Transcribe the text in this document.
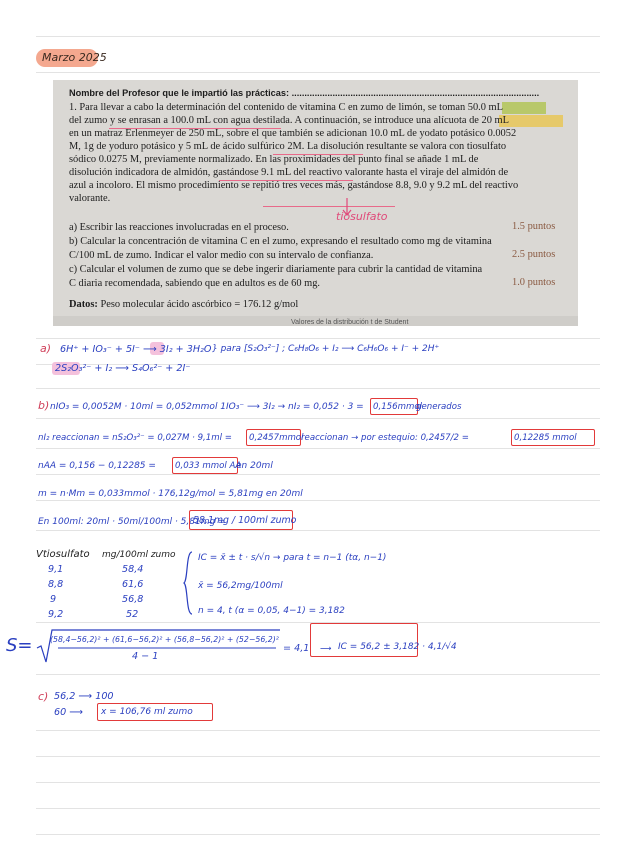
Marzo 2025
Nombre del Profesor que le impartió las prácticas: .................................................................................................
1. Para llevar a cabo la determinación del contenido de vitamina C en zumo de limón, se toman 50.0 mL
del zumo y se enrasan a 100.0 mL con agua destilada. A continuación, se introduce una alícuota de 20 mL
en un matraz Erlenmeyer de 250 mL, sobre el que también se adicionan 10.0 mL de yodato potásico 0.0052
M, 1g de yoduro potásico y 5 mL de ácido sulfúrico 2M. La disolución resultante se valora con tiosulfato
sódico 0.0275 M, previamente normalizado. En las proximidades del punto final se añade 1 mL de
disolución indicadora de almidón, gastándose 9.1 mL del reactivo valorante hasta el viraje del almidón de
azul a incoloro. El mismo procedimiento se repitió tres veces más, gastándose 8.8, 9.0 y 9.2 mL del reactivo
valorante.
tiosulfato
a) Escribir las reacciones involucradas en el proceso.	1.5 puntos
b) Calcular la concentración de vitamina C en el zumo, expresando el resultado como mg de vitamina
C/100 mL de zumo. Indicar el valor medio con su intervalo de confianza.	2.5 puntos
c) Calcular el volumen de zumo que se debe ingerir diariamente para cubrir la cantidad de vitamina
C diaria recomendada, sabiendo que en adultos es de 60 mg.	1.0 puntos
Datos: Peso molecular ácido ascórbico = 176.12 g/mol
Valores de la distribución t de Student
a) 6H⁺ + IO₃⁻ + 5I⁻ ⟶ 3I₂ + 3H₂O } para [S₂O₃²⁻] ; C₆H₈O₆ + I₂ ⟶ C₆H₆O₆ + I⁻ + 2H⁺
2S₂O₃²⁻ + I₂ ⟶ S₄O₆²⁻ + 2I⁻
b) nIO₃ = 0,0052M · 10ml = 0,052mmol 1IO₃⁻ ⟶ 3I₂ → nI₂ = 0,052 · 3 = 0,156mmol
generados
nI₂ reaccionan = nS₂O₃²⁻ = 0,027M · 9,1ml = 0,2457mmol
reaccionan → por estequio: 0,2457/2 =	0,12285 mmol
nAA = 0,156 − 0,12285 = 0,033 mmol AA
en 20ml
m = n·Mm = 0,033mmol · 176,12g/mol = 5,81mg en 20ml
En 100ml: 20ml · 50ml/100ml · 5,81mg =
58,1mg / 100ml zumo
Vtiosulfato mg/100ml zumo
9,1	58,4
8,8	61,6
9	56,8
9,2	52
IC = x̄ ± t · s/√n → para t = n−1 (tα, n−1)
x̄ = 56,2mg/100ml
n = 4, t (α = 0,05, 4−1) = 3,182
S= (58,4−56,2)² + (61,6−56,2)² + (56,8−56,2)² + (52−56,2)²
4 − 1
= 4,1 ⟶ IC = 56,2 ± 3,182 · 4,1/√4
c) 56,2 ⟶ 100
60 ⟶ x = 106,76 ml zumo
